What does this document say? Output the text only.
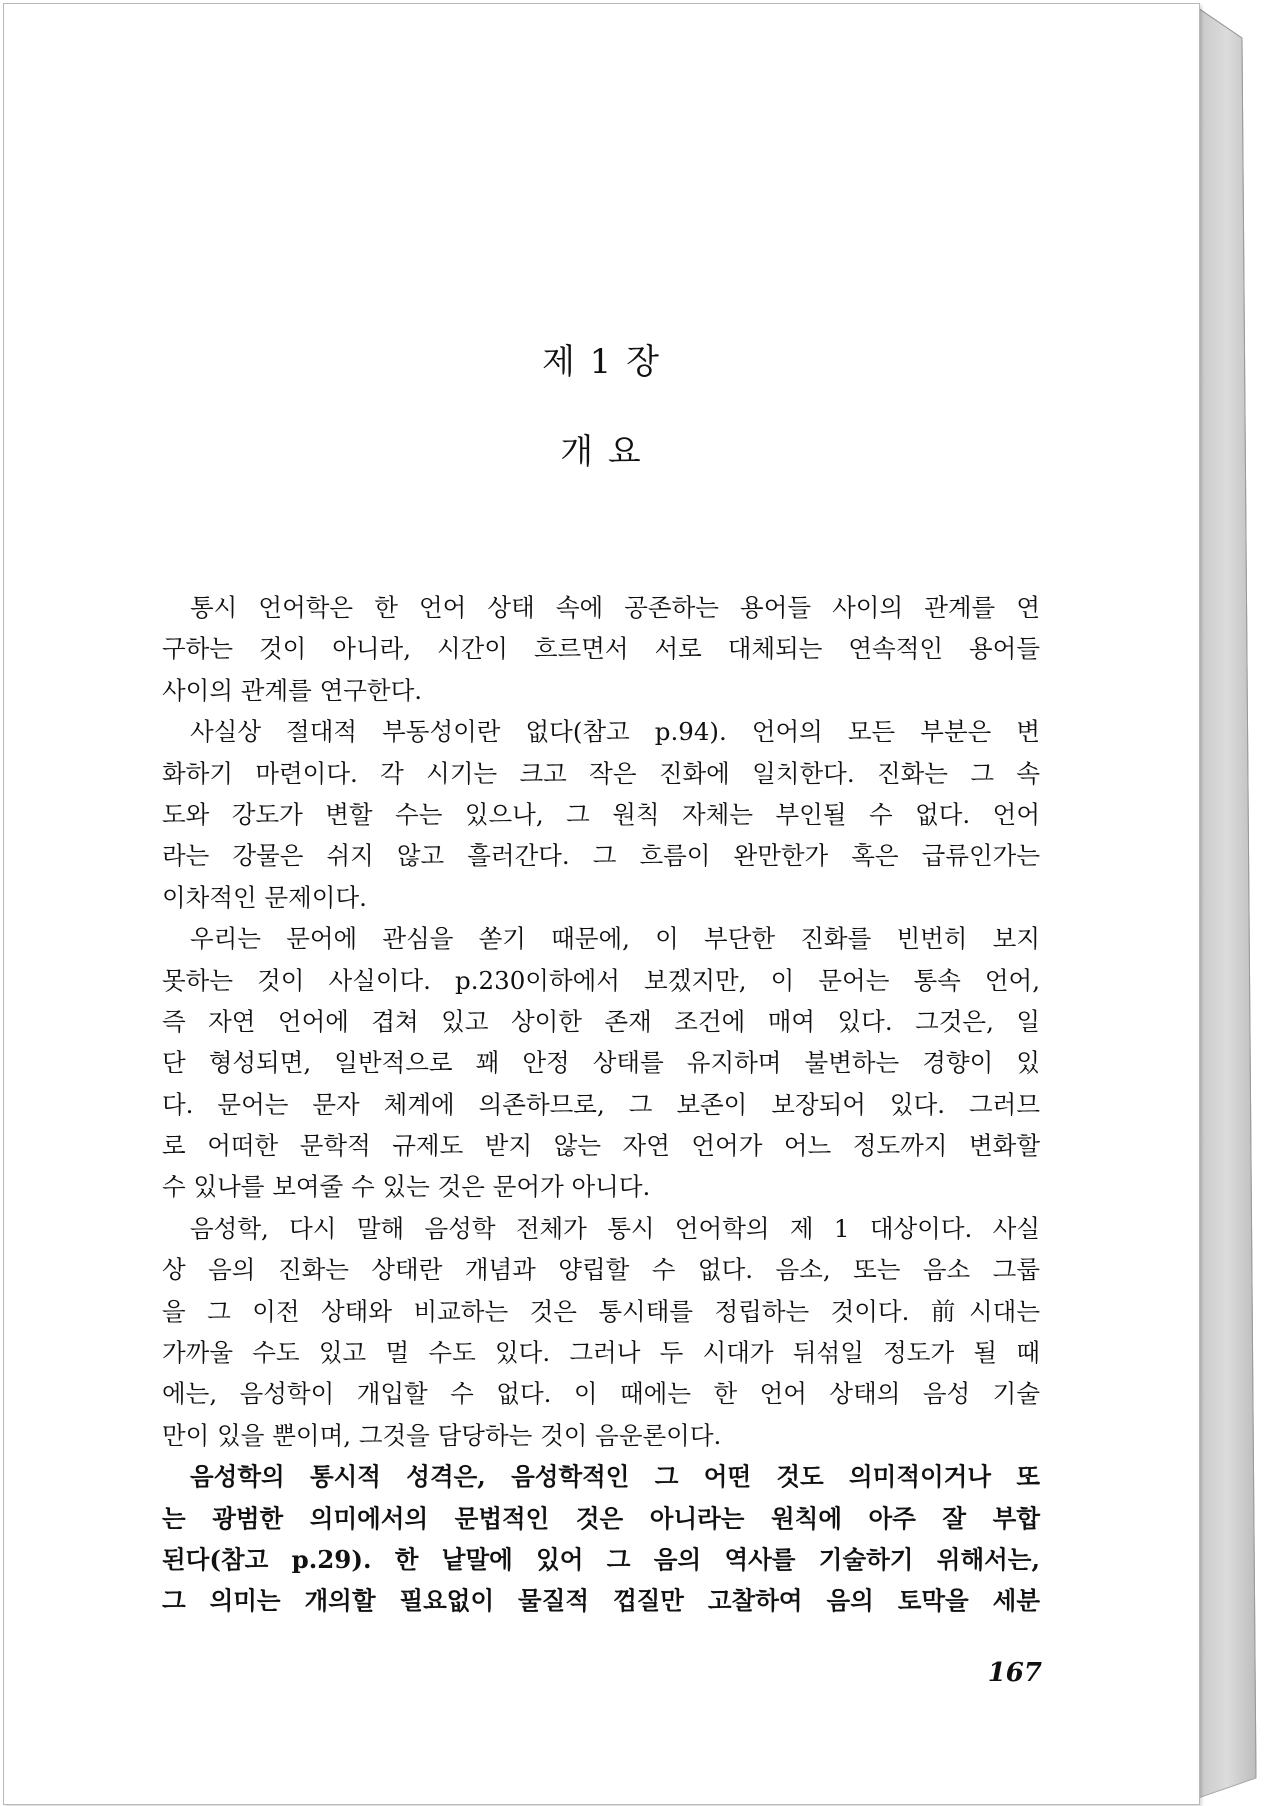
제 1 장
개 요
통시 언어학은 한 언어 상태 속에 공존하는 용어들 사이의 관계를 연
구하는 것이 아니라, 시간이 흐르면서 서로 대체되는 연속적인 용어들
사이의 관계를 연구한다.
사실상 절대적 부동성이란 없다(참고 p.94). 언어의 모든 부분은 변
화하기 마련이다. 각 시기는 크고 작은 진화에 일치한다. 진화는 그 속
도와 강도가 변할 수는 있으나, 그 원칙 자체는 부인될 수 없다. 언어
라는 강물은 쉬지 않고 흘러간다. 그 흐름이 완만한가 혹은 급류인가는
이차적인 문제이다.
우리는 문어에 관심을 쏟기 때문에, 이 부단한 진화를 빈번히 보지
못하는 것이 사실이다. p.230이하에서 보겠지만, 이 문어는 통속 언어,
즉 자연 언어에 겹쳐 있고 상이한 존재 조건에 매여 있다. 그것은, 일
단 형성되면, 일반적으로 꽤 안정 상태를 유지하며 불변하는 경향이 있
다. 문어는 문자 체계에 의존하므로, 그 보존이 보장되어 있다. 그러므
로 어떠한 문학적 규제도 받지 않는 자연 언어가 어느 정도까지 변화할
수 있나를 보여줄 수 있는 것은 문어가 아니다.
음성학, 다시 말해 음성학 전체가 통시 언어학의 제 1 대상이다. 사실
상 음의 진화는 상태란 개념과 양립할 수 없다. 음소, 또는 음소 그룹
을 그 이전 상태와 비교하는 것은 통시태를 정립하는 것이다. 前시대는
가까울 수도 있고 멀 수도 있다. 그러나 두 시대가 뒤섞일 정도가 될 때
에는, 음성학이 개입할 수 없다. 이 때에는 한 언어 상태의 음성 기술
만이 있을 뿐이며, 그것을 담당하는 것이 음운론이다.
음성학의 통시적 성격은, 음성학적인 그 어떤 것도 의미적이거나 또
는 광범한 의미에서의 문법적인 것은 아니라는 원칙에 아주 잘 부합
된다(참고 p.29). 한 낱말에 있어 그 음의 역사를 기술하기 위해서는,
그 의미는 개의할 필요없이 물질적 껍질만 고찰하여 음의 토막을 세분
167
